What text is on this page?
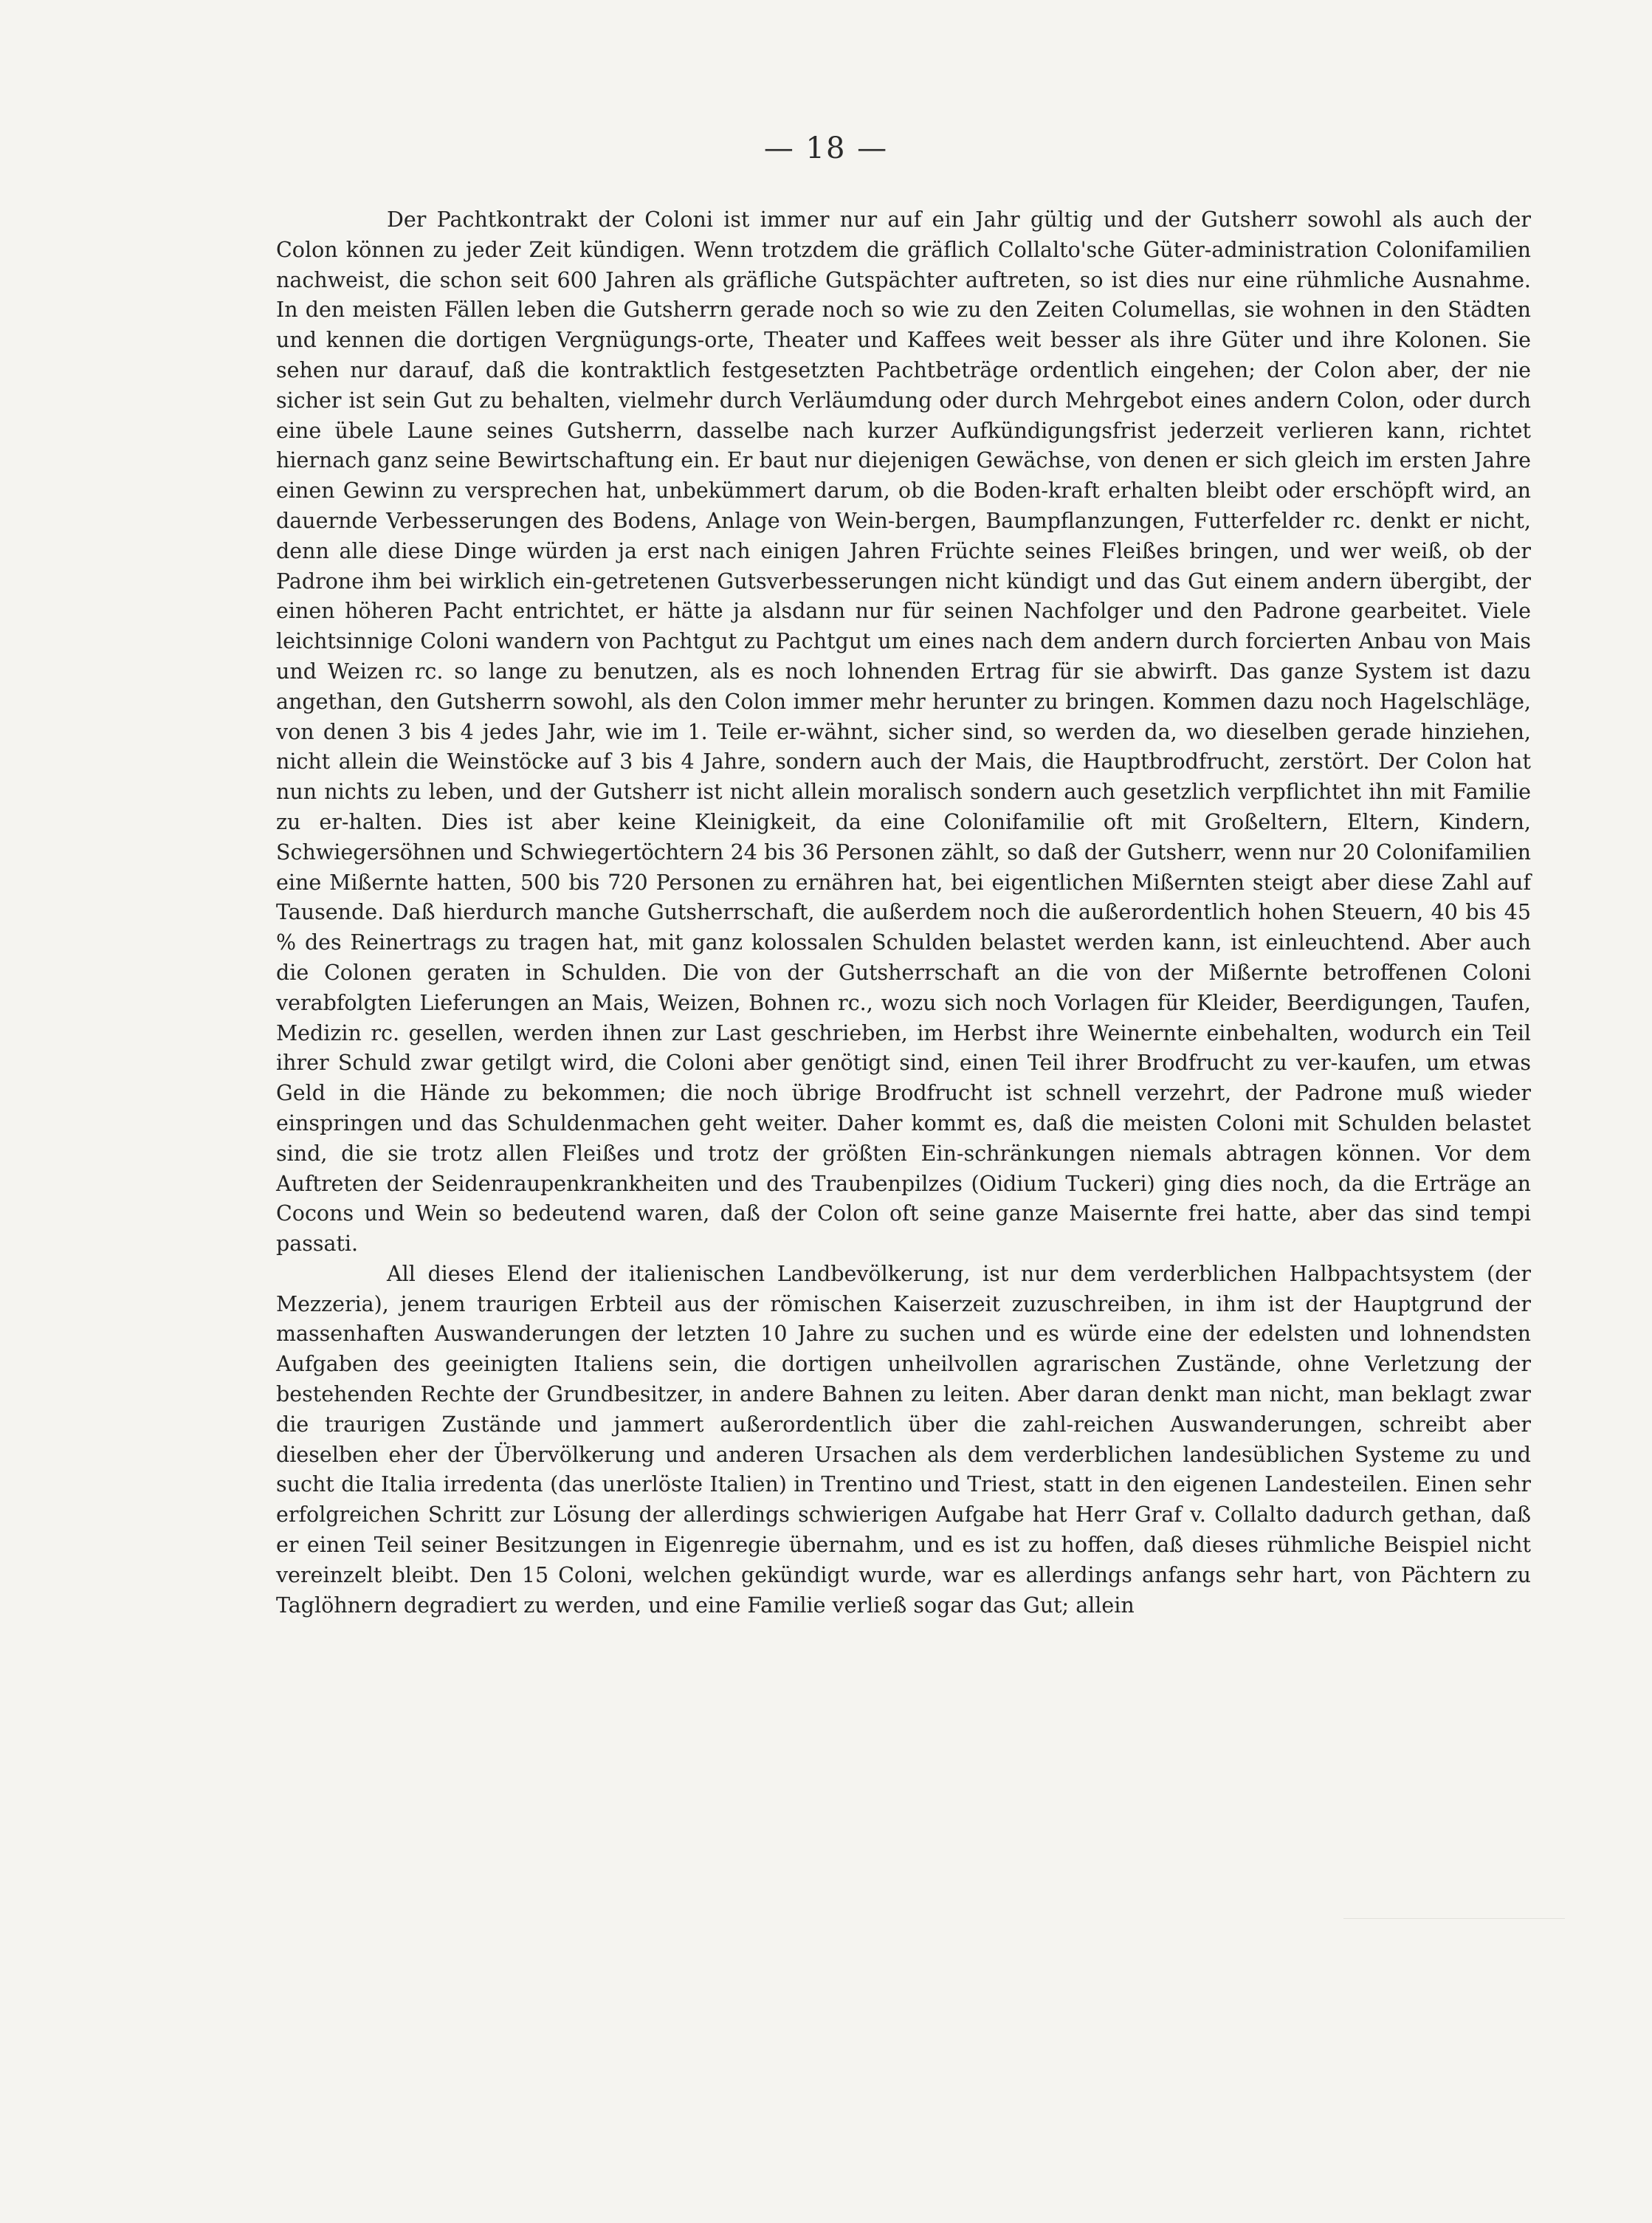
— 18 —

Der Pachtkontrakt der Coloni ist immer nur auf ein Jahr gültig und der Gutsherr sowohl als auch der Colon können zu jeder Zeit kündigen. Wenn trotzdem die gräflich Collalto'sche Güter-administration Colonifamilien nachweist, die schon seit 600 Jahren als gräfliche Gutspächter auftreten, so ist dies nur eine rühmliche Ausnahme. In den meisten Fällen leben die Gutsherrn gerade noch so wie zu den Zeiten Columellas, sie wohnen in den Städten und kennen die dortigen Vergnügungs-orte, Theater und Kaffees weit besser als ihre Güter und ihre Kolonen. Sie sehen nur darauf, daß die kontraktlich festgesetzten Pachtbeträge ordentlich eingehen; der Colon aber, der nie sicher ist sein Gut zu behalten, vielmehr durch Verläumdung oder durch Mehrgebot eines andern Colon, oder durch eine übele Laune seines Gutsherrn, dasselbe nach kurzer Aufkündigungsfrist jederzeit verlieren kann, richtet hiernach ganz seine Bewirtschaftung ein. Er baut nur diejenigen Gewächse, von denen er sich gleich im ersten Jahre einen Gewinn zu versprechen hat, unbekümmert darum, ob die Boden-kraft erhalten bleibt oder erschöpft wird, an dauernde Verbesserungen des Bodens, Anlage von Wein-bergen, Baumpflanzungen, Futterfelder rc. denkt er nicht, denn alle diese Dinge würden ja erst nach einigen Jahren Früchte seines Fleißes bringen, und wer weiß, ob der Padrone ihm bei wirklich ein-getretenen Gutsverbesserungen nicht kündigt und das Gut einem andern übergibt, der einen höheren Pacht entrichtet, er hätte ja alsdann nur für seinen Nachfolger und den Padrone gearbeitet. Viele leichtsinnige Coloni wandern von Pachtgut zu Pachtgut um eines nach dem andern durch forcierten Anbau von Mais und Weizen rc. so lange zu benutzen, als es noch lohnenden Ertrag für sie abwirft. Das ganze System ist dazu angethan, den Gutsherrn sowohl, als den Colon immer mehr herunter zu bringen. Kommen dazu noch Hagelschläge, von denen 3 bis 4 jedes Jahr, wie im 1. Teile er-wähnt, sicher sind, so werden da, wo dieselben gerade hinziehen, nicht allein die Weinstöcke auf 3 bis 4 Jahre, sondern auch der Mais, die Hauptbrodfrucht, zerstört. Der Colon hat nun nichts zu leben, und der Gutsherr ist nicht allein moralisch sondern auch gesetzlich verpflichtet ihn mit Familie zu er-halten. Dies ist aber keine Kleinigkeit, da eine Colonifamilie oft mit Großeltern, Eltern, Kindern, Schwiegersöhnen und Schwiegertöchtern 24 bis 36 Personen zählt, so daß der Gutsherr, wenn nur 20 Colonifamilien eine Mißernte hatten, 500 bis 720 Personen zu ernähren hat, bei eigentlichen Mißernten steigt aber diese Zahl auf Tausende. Daß hierdurch manche Gutsherrschaft, die außerdem noch die außerordentlich hohen Steuern, 40 bis 45 % des Reinertrags zu tragen hat, mit ganz kolossalen Schulden belastet werden kann, ist einleuchtend. Aber auch die Colonen geraten in Schulden. Die von der Gutsherrschaft an die von der Mißernte betroffenen Coloni verabfolgten Lieferungen an Mais, Weizen, Bohnen rc., wozu sich noch Vorlagen für Kleider, Beerdigungen, Taufen, Medizin rc. gesellen, werden ihnen zur Last geschrieben, im Herbst ihre Weinernte einbehalten, wodurch ein Teil ihrer Schuld zwar getilgt wird, die Coloni aber genötigt sind, einen Teil ihrer Brodfrucht zu ver-kaufen, um etwas Geld in die Hände zu bekommen; die noch übrige Brodfrucht ist schnell verzehrt, der Padrone muß wieder einspringen und das Schuldenmachen geht weiter. Daher kommt es, daß die meisten Coloni mit Schulden belastet sind, die sie trotz allen Fleißes und trotz der größten Ein-schränkungen niemals abtragen können. Vor dem Auftreten der Seidenraupenkrankheiten und des Traubenpilzes (Oidium Tuckeri) ging dies noch, da die Erträge an Cocons und Wein so bedeutend waren, daß der Colon oft seine ganze Maisernte frei hatte, aber das sind tempi passati.

All dieses Elend der italienischen Landbevölkerung, ist nur dem verderblichen Halbpachtsystem (der Mezzeria), jenem traurigen Erbteil aus der römischen Kaiserzeit zuzuschreiben, in ihm ist der Hauptgrund der massenhaften Auswanderungen der letzten 10 Jahre zu suchen und es würde eine der edelsten und lohnendsten Aufgaben des geeinigten Italiens sein, die dortigen unheilvollen agrarischen Zustände, ohne Verletzung der bestehenden Rechte der Grundbesitzer, in andere Bahnen zu leiten. Aber daran denkt man nicht, man beklagt zwar die traurigen Zustände und jammert außerordentlich über die zahl-reichen Auswanderungen, schreibt aber dieselben eher der Übervölkerung und anderen Ursachen als dem verderblichen landesüblichen Systeme zu und sucht die Italia irredenta (das unerlöste Italien) in Trentino und Triest, statt in den eigenen Landesteilen. Einen sehr erfolgreichen Schritt zur Lösung der allerdings schwierigen Aufgabe hat Herr Graf v. Collalto dadurch gethan, daß er einen Teil seiner Besitzungen in Eigenregie übernahm, und es ist zu hoffen, daß dieses rühmliche Beispiel nicht vereinzelt bleibt. Den 15 Coloni, welchen gekündigt wurde, war es allerdings anfangs sehr hart, von Pächtern zu Taglöhnern degradiert zu werden, und eine Familie verließ sogar das Gut; allein
